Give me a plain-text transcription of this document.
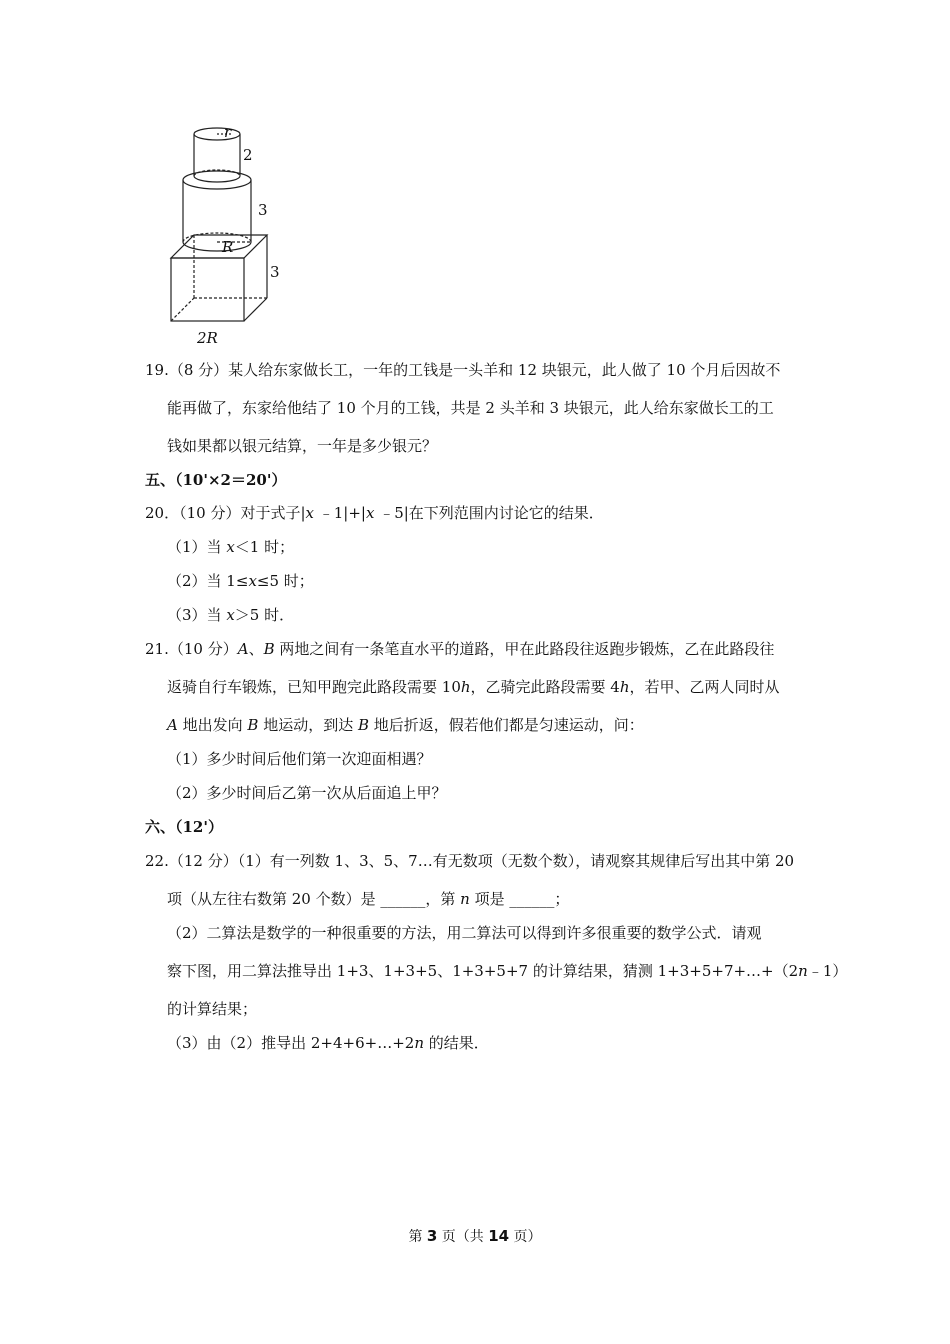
r
2
3
R
3
2R
19.（8 分）某人给东家做长工，一年的工钱是一头羊和 12 块银元，此人做了 10 个月后因故不
能再做了，东家给他结了 10 个月的工钱，共是 2 头羊和 3 块银元，此人给东家做长工的工
钱如果都以银元结算，一年是多少银元？
五、（10'×2＝20'）
20．（10 分）对于式子|x ﹣1|+|x ﹣5|在下列范围内讨论它的结果．
（1）当 x＜1 时；
（2）当 1≤x≤5 时；
（3）当 x＞5 时．
21.（10 分）A、B 两地之间有一条笔直水平的道路，甲在此路段往返跑步锻炼，乙在此路段往
返骑自行车锻炼，已知甲跑完此路段需要 10h，乙骑完此路段需要 4h，若甲、乙两人同时从
A 地出发向 B 地运动，到达 B 地后折返，假若他们都是匀速运动，问：
（1）多少时间后他们第一次迎面相遇？
（2）多少时间后乙第一次从后面追上甲？
六、（12'）
22.（12 分）（1）有一列数 1、3、5、7…有无数项（无数个数），请观察其规律后写出其中第 20
项（从左往右数第 20 个数）是 ______，第 n 项是 ______；
（2）二算法是数学的一种很重要的方法，用二算法可以得到许多很重要的数学公式．请观
察下图，用二算法推导出 1+3、1+3+5、1+3+5+7 的计算结果，猜测 1+3+5+7+…+（2n﹣1）
的计算结果；
（3）由（2）推导出 2+4+6+…+2n 的结果．
第 3 页（共 14 页）
